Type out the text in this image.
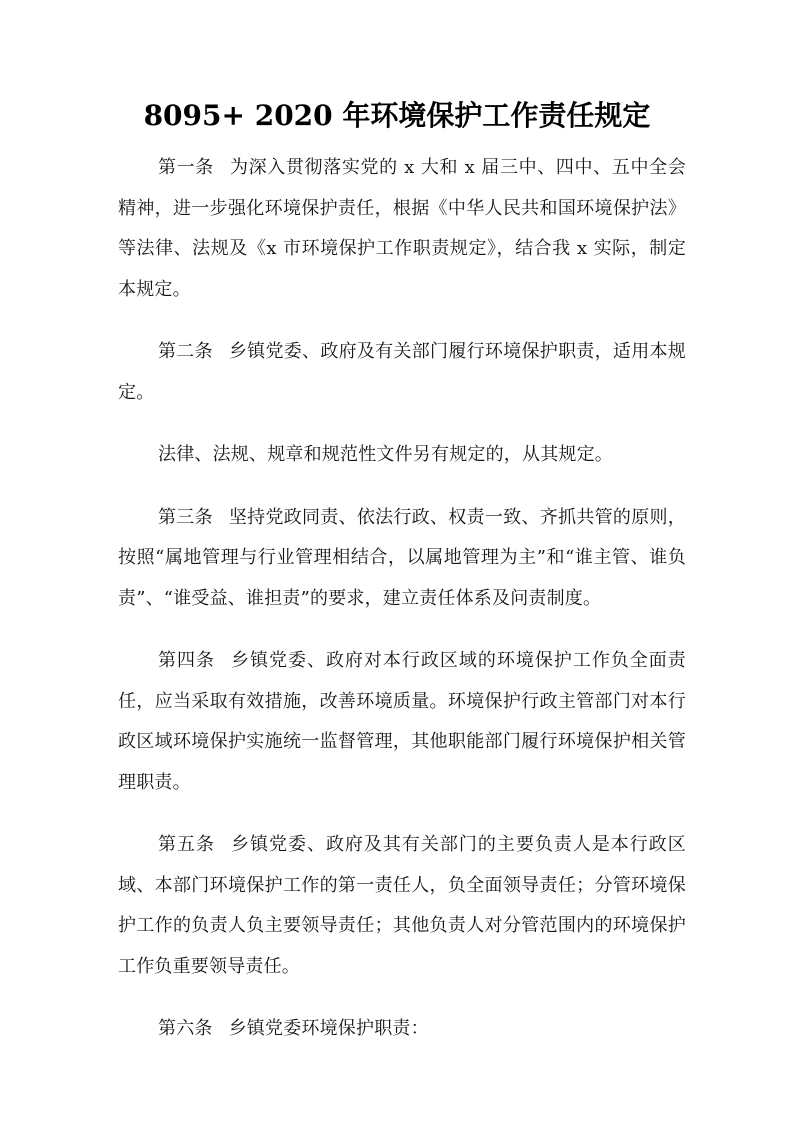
8095+ 2020 年环境保护工作责任规定

第一条 为深入贯彻落实党的 x 大和 x 届三中、四中、五中全会精神，进一步强化环境保护责任，根据《中华人民共和国环境保护法》等法律、法规及《x 市环境保护工作职责规定》，结合我 x 实际，制定本规定。

第二条 乡镇党委、政府及有关部门履行环境保护职责，适用本规定。

法律、法规、规章和规范性文件另有规定的，从其规定。

第三条 坚持党政同责、依法行政、权责一致、齐抓共管的原则，按照“属地管理与行业管理相结合，以属地管理为主”和“谁主管、谁负责”、“谁受益、谁担责”的要求，建立责任体系及问责制度。

第四条 乡镇党委、政府对本行政区域的环境保护工作负全面责任，应当采取有效措施，改善环境质量。环境保护行政主管部门对本行政区域环境保护实施统一监督管理，其他职能部门履行环境保护相关管理职责。

第五条 乡镇党委、政府及其有关部门的主要负责人是本行政区域、本部门环境保护工作的第一责任人，负全面领导责任；分管环境保护工作的负责人负主要领导责任；其他负责人对分管范围内的环境保护工作负重要领导责任。

第六条 乡镇党委环境保护职责：
